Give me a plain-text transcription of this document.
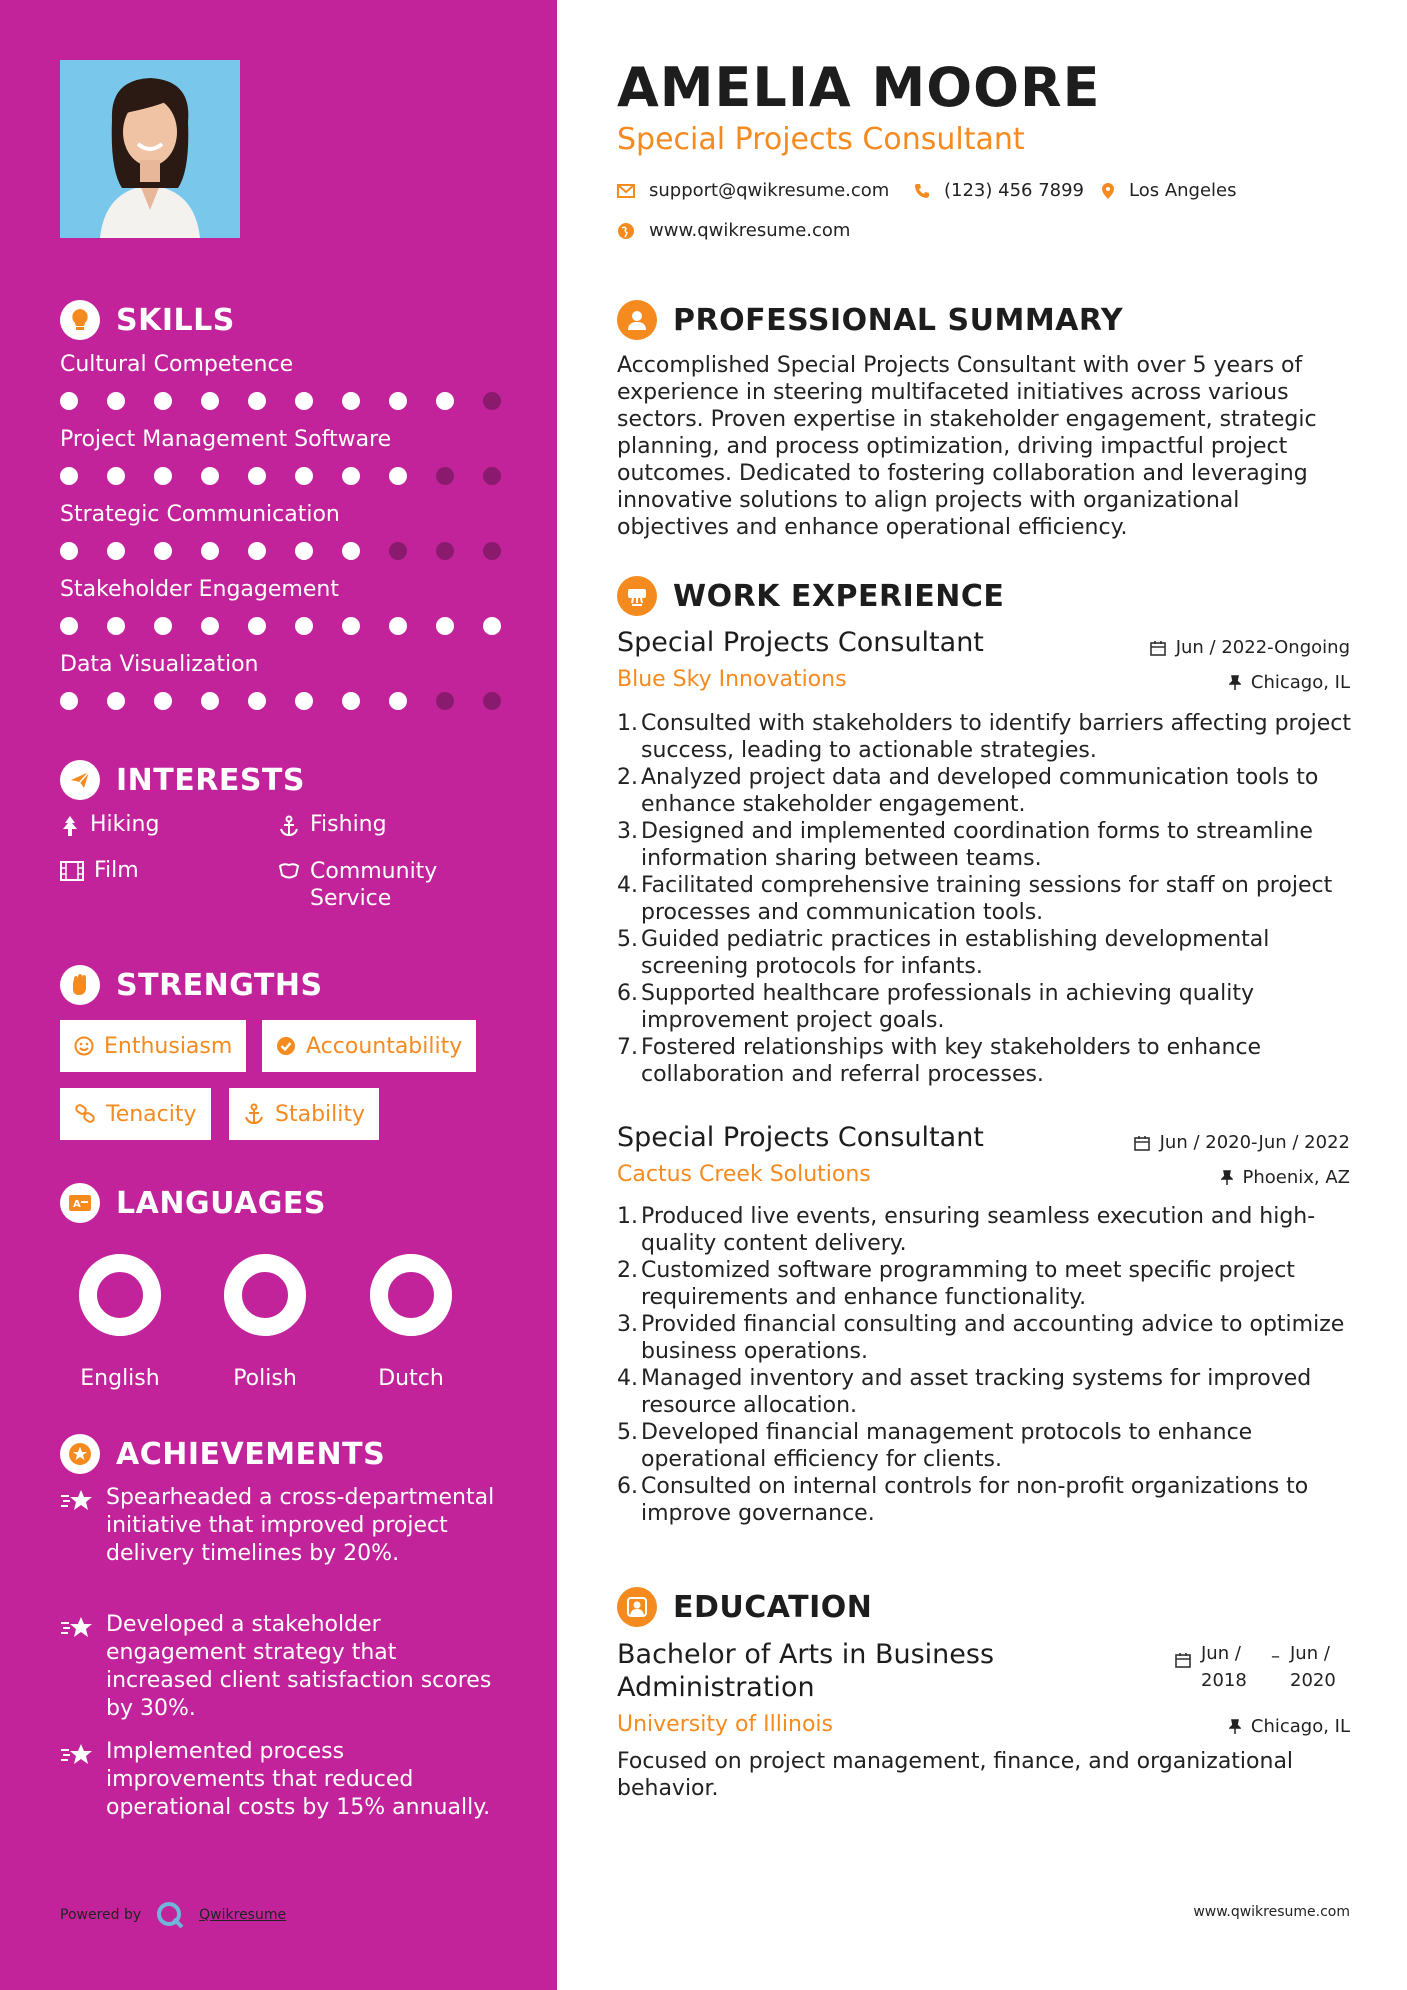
SKILLS
Cultural Competence
Project Management Software
Strategic Communication
Stakeholder Engagement
Data Visualization
INTERESTS
Hiking	Fishing
Film	Community Service
STRENGTHS
Enthusiasm	Accountability
Tenacity	Stability
A LANGUAGES
English	Polish	Dutch
ACHIEVEMENTS
Spearheaded a cross-departmental initiative that improved project delivery timelines by 20%.
Developed a stakeholder engagement strategy that increased client satisfaction scores by 30%.
Implemented process improvements that reduced operational costs by 15% annually.
Powered by	Qwikresume
AMELIA MOORE
Special Projects Consultant
support@qwikresume.com	(123) 456 7899 Los Angeles
www.qwikresume.com
PROFESSIONAL SUMMARY
Accomplished Special Projects Consultant with over 5 years of experience in steering multifaceted initiatives across various sectors. Proven expertise in stakeholder engagement, strategic planning, and process optimization, driving impactful project outcomes. Dedicated to fostering collaboration and leveraging innovative solutions to align projects with organizational objectives and enhance operational efficiency.
WORK EXPERIENCE
Special Projects Consultant	Jun / 2022-Ongoing
Blue Sky Innovations	Chicago, IL
1. Consulted with stakeholders to identify barriers affecting project success, leading to actionable strategies.
2. Analyzed project data and developed communication tools to enhance stakeholder engagement.
3. Designed and implemented coordination forms to streamline information sharing between teams.
4. Facilitated comprehensive training sessions for staff on project processes and communication tools.
5. Guided pediatric practices in establishing developmental screening protocols for infants.
6. Supported healthcare professionals in achieving quality improvement project goals.
7. Fostered relationships with key stakeholders to enhance collaboration and referral processes.
Special Projects Consultant	Jun / 2020-Jun / 2022
Cactus Creek Solutions	Phoenix, AZ
1. Produced live events, ensuring seamless execution and high-quality content delivery.
2. Customized software programming to meet specific project requirements and enhance functionality.
3. Provided financial consulting and accounting advice to optimize business operations.
4. Managed inventory and asset tracking systems for improved resource allocation.
5. Developed financial management protocols to enhance operational efficiency for clients.
6. Consulted on internal controls for non-profit organizations to improve governance.
EDUCATION
Bachelor of Arts in Business Administration
Jun / 2018
– Jun / 2020
University of Illinois	Chicago, IL
Focused on project management, finance, and organizational behavior.
www.qwikresume.com
